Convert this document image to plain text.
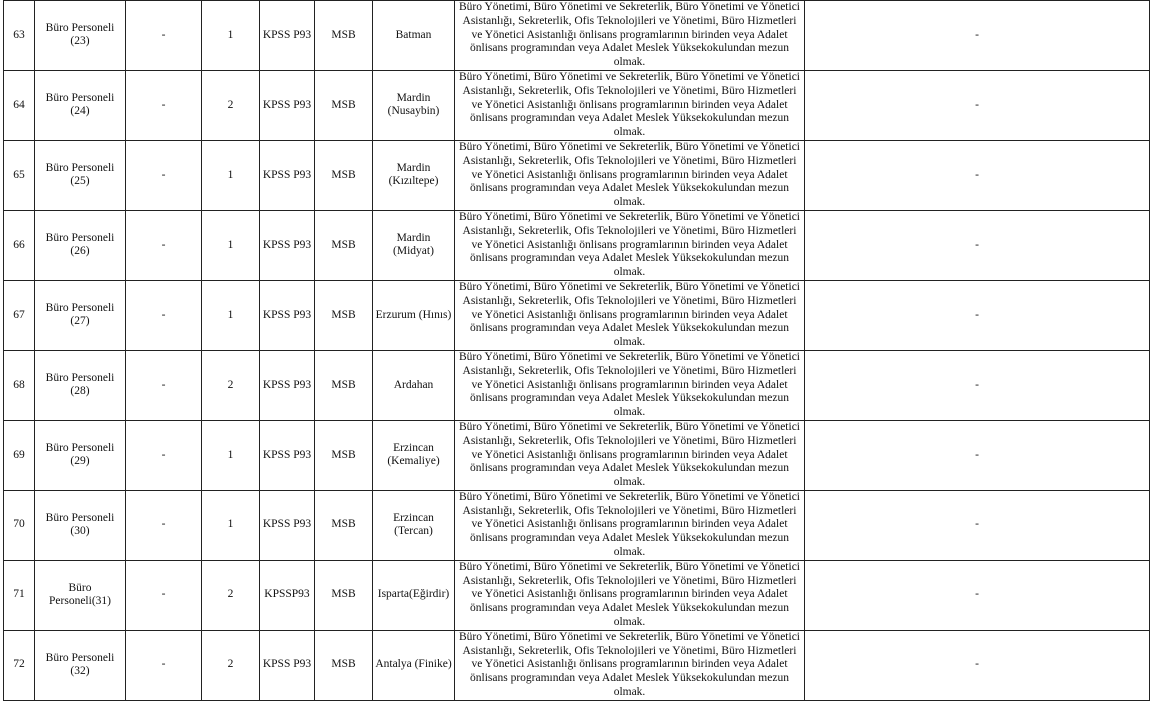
63	Büro Personeli (23)	-	1	KPSS P93	MSB	Batman	Büro Yönetimi, Büro Yönetimi ve Sekreterlik, Büro Yönetimi ve Yönetici Asistanlığı, Sekreterlik, Ofis Teknolojileri ve Yönetimi, Büro Hizmetleri ve Yönetici Asistanlığı önlisans programlarının birinden veya Adalet önlisans programından veya Adalet Meslek Yüksekokulundan mezun olmak.	-
64	Büro Personeli (24)	-	2	KPSS P93	MSB	Mardin (Nusaybin)	Büro Yönetimi, Büro Yönetimi ve Sekreterlik, Büro Yönetimi ve Yönetici Asistanlığı, Sekreterlik, Ofis Teknolojileri ve Yönetimi, Büro Hizmetleri ve Yönetici Asistanlığı önlisans programlarının birinden veya Adalet önlisans programından veya Adalet Meslek Yüksekokulundan mezun olmak.	-
65	Büro Personeli (25)	-	1	KPSS P93	MSB	Mardin (Kızıltepe)	Büro Yönetimi, Büro Yönetimi ve Sekreterlik, Büro Yönetimi ve Yönetici Asistanlığı, Sekreterlik, Ofis Teknolojileri ve Yönetimi, Büro Hizmetleri ve Yönetici Asistanlığı önlisans programlarının birinden veya Adalet önlisans programından veya Adalet Meslek Yüksekokulundan mezun olmak.	-
66	Büro Personeli (26)	-	1	KPSS P93	MSB	Mardin (Midyat)	Büro Yönetimi, Büro Yönetimi ve Sekreterlik, Büro Yönetimi ve Yönetici Asistanlığı, Sekreterlik, Ofis Teknolojileri ve Yönetimi, Büro Hizmetleri ve Yönetici Asistanlığı önlisans programlarının birinden veya Adalet önlisans programından veya Adalet Meslek Yüksekokulundan mezun olmak.	-
67	Büro Personeli (27)	-	1	KPSS P93	MSB	Erzurum (Hınıs)	Büro Yönetimi, Büro Yönetimi ve Sekreterlik, Büro Yönetimi ve Yönetici Asistanlığı, Sekreterlik, Ofis Teknolojileri ve Yönetimi, Büro Hizmetleri ve Yönetici Asistanlığı önlisans programlarının birinden veya Adalet önlisans programından veya Adalet Meslek Yüksekokulundan mezun olmak.	-
68	Büro Personeli (28)	-	2	KPSS P93	MSB	Ardahan	Büro Yönetimi, Büro Yönetimi ve Sekreterlik, Büro Yönetimi ve Yönetici Asistanlığı, Sekreterlik, Ofis Teknolojileri ve Yönetimi, Büro Hizmetleri ve Yönetici Asistanlığı önlisans programlarının birinden veya Adalet önlisans programından veya Adalet Meslek Yüksekokulundan mezun olmak.	-
69	Büro Personeli (29)	-	1	KPSS P93	MSB	Erzincan (Kemaliye)	Büro Yönetimi, Büro Yönetimi ve Sekreterlik, Büro Yönetimi ve Yönetici Asistanlığı, Sekreterlik, Ofis Teknolojileri ve Yönetimi, Büro Hizmetleri ve Yönetici Asistanlığı önlisans programlarının birinden veya Adalet önlisans programından veya Adalet Meslek Yüksekokulundan mezun olmak.	-
70	Büro Personeli (30)	-	1	KPSS P93	MSB	Erzincan (Tercan)	Büro Yönetimi, Büro Yönetimi ve Sekreterlik, Büro Yönetimi ve Yönetici Asistanlığı, Sekreterlik, Ofis Teknolojileri ve Yönetimi, Büro Hizmetleri ve Yönetici Asistanlığı önlisans programlarının birinden veya Adalet önlisans programından veya Adalet Meslek Yüksekokulundan mezun olmak.	-
71	Büro Personeli(31)	-	2	KPSSP93	MSB	Isparta(Eğirdir)	Büro Yönetimi, Büro Yönetimi ve Sekreterlik, Büro Yönetimi ve Yönetici Asistanlığı, Sekreterlik, Ofis Teknolojileri ve Yönetimi, Büro Hizmetleri ve Yönetici Asistanlığı önlisans programlarının birinden veya Adalet önlisans programından veya Adalet Meslek Yüksekokulundan mezun olmak.	-
72	Büro Personeli (32)	-	2	KPSS P93	MSB	Antalya (Finike)	Büro Yönetimi, Büro Yönetimi ve Sekreterlik, Büro Yönetimi ve Yönetici Asistanlığı, Sekreterlik, Ofis Teknolojileri ve Yönetimi, Büro Hizmetleri ve Yönetici Asistanlığı önlisans programlarının birinden veya Adalet önlisans programından veya Adalet Meslek Yüksekokulundan mezun olmak.	-
